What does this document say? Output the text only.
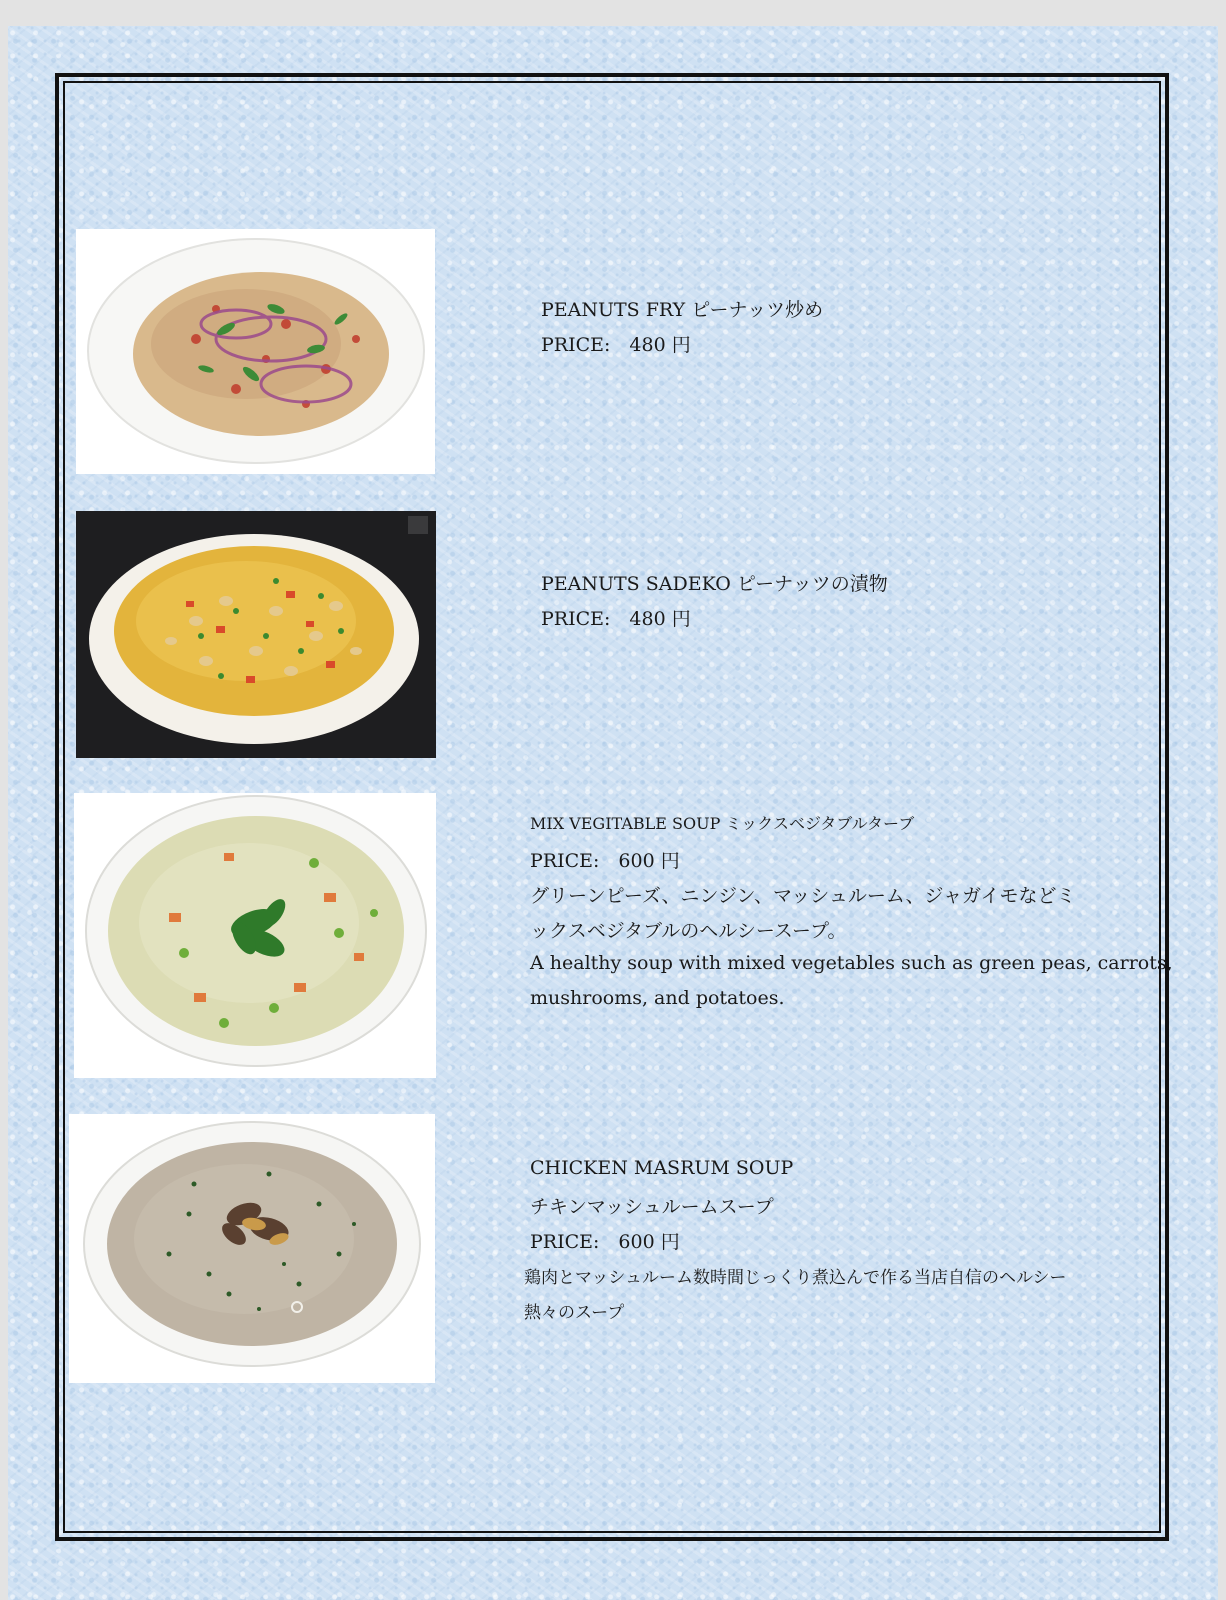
PEANUTS FRY ピーナッツ炒め
PRICE:　480 円
PEANUTS SADEKO ピーナッツの漬物
PRICE:　480 円
MIX VEGITABLE SOUP ミックスベジタブルターブ
PRICE:　600 円
グリーンピーズ、ニンジン、マッシュルーム、ジャガイモなどミ
ックスベジタブルのヘルシースープ。
A healthy soup with mixed vegetables such as green peas, carrots,
mushrooms, and potatoes.
CHICKEN MASRUM SOUP
チキンマッシュルームスープ
PRICE:　600 円
鶏肉とマッシュルーム数時間じっくり煮込んで作る当店自信のヘルシー
熱々のスープ
